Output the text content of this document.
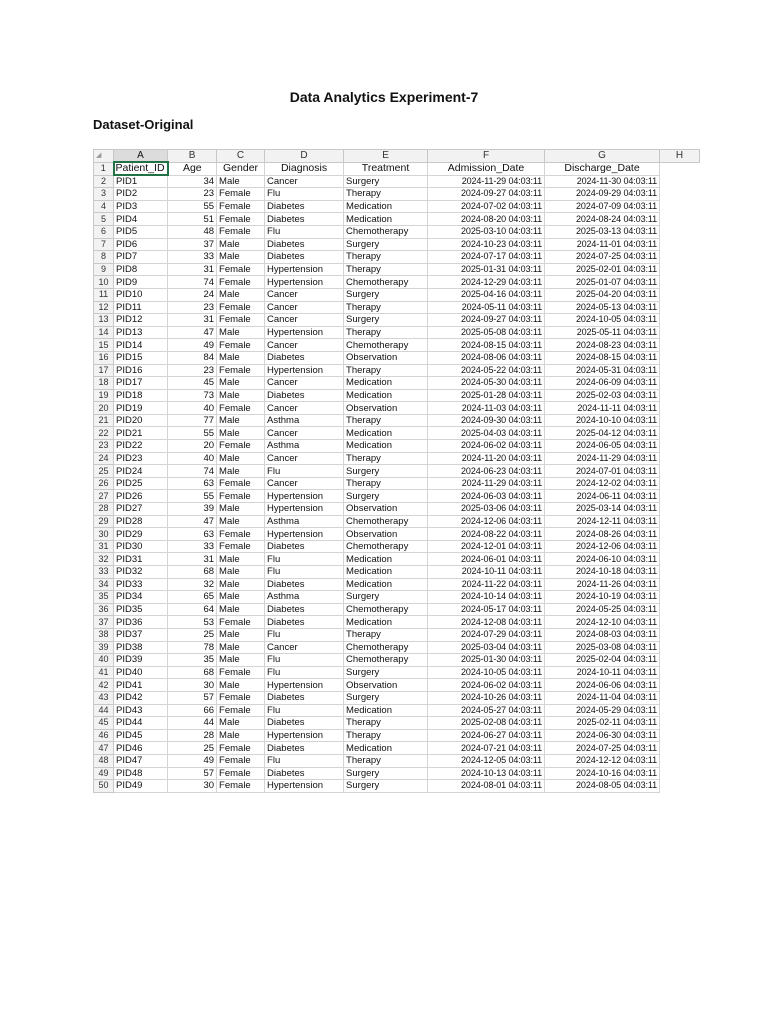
Data Analytics Experiment-7
Dataset-Original
◢	A	B	C	D	E	F	G	H
1	Patient_ID	Age	Gender	Diagnosis	Treatment	Admission_Date	Discharge_Date	
2	PID1	34	Male	Cancer	Surgery	2024-11-29 04:03:11	2024-11-30 04:03:11	
3	PID2	23	Female	Flu	Therapy	2024-09-27 04:03:11	2024-09-29 04:03:11	
4	PID3	55	Female	Diabetes	Medication	2024-07-02 04:03:11	2024-07-09 04:03:11	
5	PID4	51	Female	Diabetes	Medication	2024-08-20 04:03:11	2024-08-24 04:03:11	
6	PID5	48	Female	Flu	Chemotherapy	2025-03-10 04:03:11	2025-03-13 04:03:11	
7	PID6	37	Male	Diabetes	Surgery	2024-10-23 04:03:11	2024-11-01 04:03:11	
8	PID7	33	Male	Diabetes	Therapy	2024-07-17 04:03:11	2024-07-25 04:03:11	
9	PID8	31	Female	Hypertension	Therapy	2025-01-31 04:03:11	2025-02-01 04:03:11	
10	PID9	74	Female	Hypertension	Chemotherapy	2024-12-29 04:03:11	2025-01-07 04:03:11	
11	PID10	24	Male	Cancer	Surgery	2025-04-16 04:03:11	2025-04-20 04:03:11	
12	PID11	23	Female	Cancer	Therapy	2024-05-11 04:03:11	2024-05-13 04:03:11	
13	PID12	31	Female	Cancer	Surgery	2024-09-27 04:03:11	2024-10-05 04:03:11	
14	PID13	47	Male	Hypertension	Therapy	2025-05-08 04:03:11	2025-05-11 04:03:11	
15	PID14	49	Female	Cancer	Chemotherapy	2024-08-15 04:03:11	2024-08-23 04:03:11	
16	PID15	84	Male	Diabetes	Observation	2024-08-06 04:03:11	2024-08-15 04:03:11	
17	PID16	23	Female	Hypertension	Therapy	2024-05-22 04:03:11	2024-05-31 04:03:11	
18	PID17	45	Male	Cancer	Medication	2024-05-30 04:03:11	2024-06-09 04:03:11	
19	PID18	73	Male	Diabetes	Medication	2025-01-28 04:03:11	2025-02-03 04:03:11	
20	PID19	40	Female	Cancer	Observation	2024-11-03 04:03:11	2024-11-11 04:03:11	
21	PID20	77	Male	Asthma	Therapy	2024-09-30 04:03:11	2024-10-10 04:03:11	
22	PID21	55	Male	Cancer	Medication	2025-04-03 04:03:11	2025-04-12 04:03:11	
23	PID22	20	Female	Asthma	Medication	2024-06-02 04:03:11	2024-06-05 04:03:11	
24	PID23	40	Male	Cancer	Therapy	2024-11-20 04:03:11	2024-11-29 04:03:11	
25	PID24	74	Male	Flu	Surgery	2024-06-23 04:03:11	2024-07-01 04:03:11	
26	PID25	63	Female	Cancer	Therapy	2024-11-29 04:03:11	2024-12-02 04:03:11	
27	PID26	55	Female	Hypertension	Surgery	2024-06-03 04:03:11	2024-06-11 04:03:11	
28	PID27	39	Male	Hypertension	Observation	2025-03-06 04:03:11	2025-03-14 04:03:11	
29	PID28	47	Male	Asthma	Chemotherapy	2024-12-06 04:03:11	2024-12-11 04:03:11	
30	PID29	63	Female	Hypertension	Observation	2024-08-22 04:03:11	2024-08-26 04:03:11	
31	PID30	33	Female	Diabetes	Chemotherapy	2024-12-01 04:03:11	2024-12-06 04:03:11	
32	PID31	31	Male	Flu	Medication	2024-06-01 04:03:11	2024-06-10 04:03:11	
33	PID32	68	Male	Flu	Medication	2024-10-11 04:03:11	2024-10-18 04:03:11	
34	PID33	32	Male	Diabetes	Medication	2024-11-22 04:03:11	2024-11-26 04:03:11	
35	PID34	65	Male	Asthma	Surgery	2024-10-14 04:03:11	2024-10-19 04:03:11	
36	PID35	64	Male	Diabetes	Chemotherapy	2024-05-17 04:03:11	2024-05-25 04:03:11	
37	PID36	53	Female	Diabetes	Medication	2024-12-08 04:03:11	2024-12-10 04:03:11	
38	PID37	25	Male	Flu	Therapy	2024-07-29 04:03:11	2024-08-03 04:03:11	
39	PID38	78	Male	Cancer	Chemotherapy	2025-03-04 04:03:11	2025-03-08 04:03:11	
40	PID39	35	Male	Flu	Chemotherapy	2025-01-30 04:03:11	2025-02-04 04:03:11	
41	PID40	68	Female	Flu	Surgery	2024-10-05 04:03:11	2024-10-11 04:03:11	
42	PID41	30	Male	Hypertension	Observation	2024-06-02 04:03:11	2024-06-06 04:03:11	
43	PID42	57	Female	Diabetes	Surgery	2024-10-26 04:03:11	2024-11-04 04:03:11	
44	PID43	66	Female	Flu	Medication	2024-05-27 04:03:11	2024-05-29 04:03:11	
45	PID44	44	Male	Diabetes	Therapy	2025-02-08 04:03:11	2025-02-11 04:03:11	
46	PID45	28	Male	Hypertension	Therapy	2024-06-27 04:03:11	2024-06-30 04:03:11	
47	PID46	25	Female	Diabetes	Medication	2024-07-21 04:03:11	2024-07-25 04:03:11	
48	PID47	49	Female	Flu	Therapy	2024-12-05 04:03:11	2024-12-12 04:03:11	
49	PID48	57	Female	Diabetes	Surgery	2024-10-13 04:03:11	2024-10-16 04:03:11	
50	PID49	30	Female	Hypertension	Surgery	2024-08-01 04:03:11	2024-08-05 04:03:11	
